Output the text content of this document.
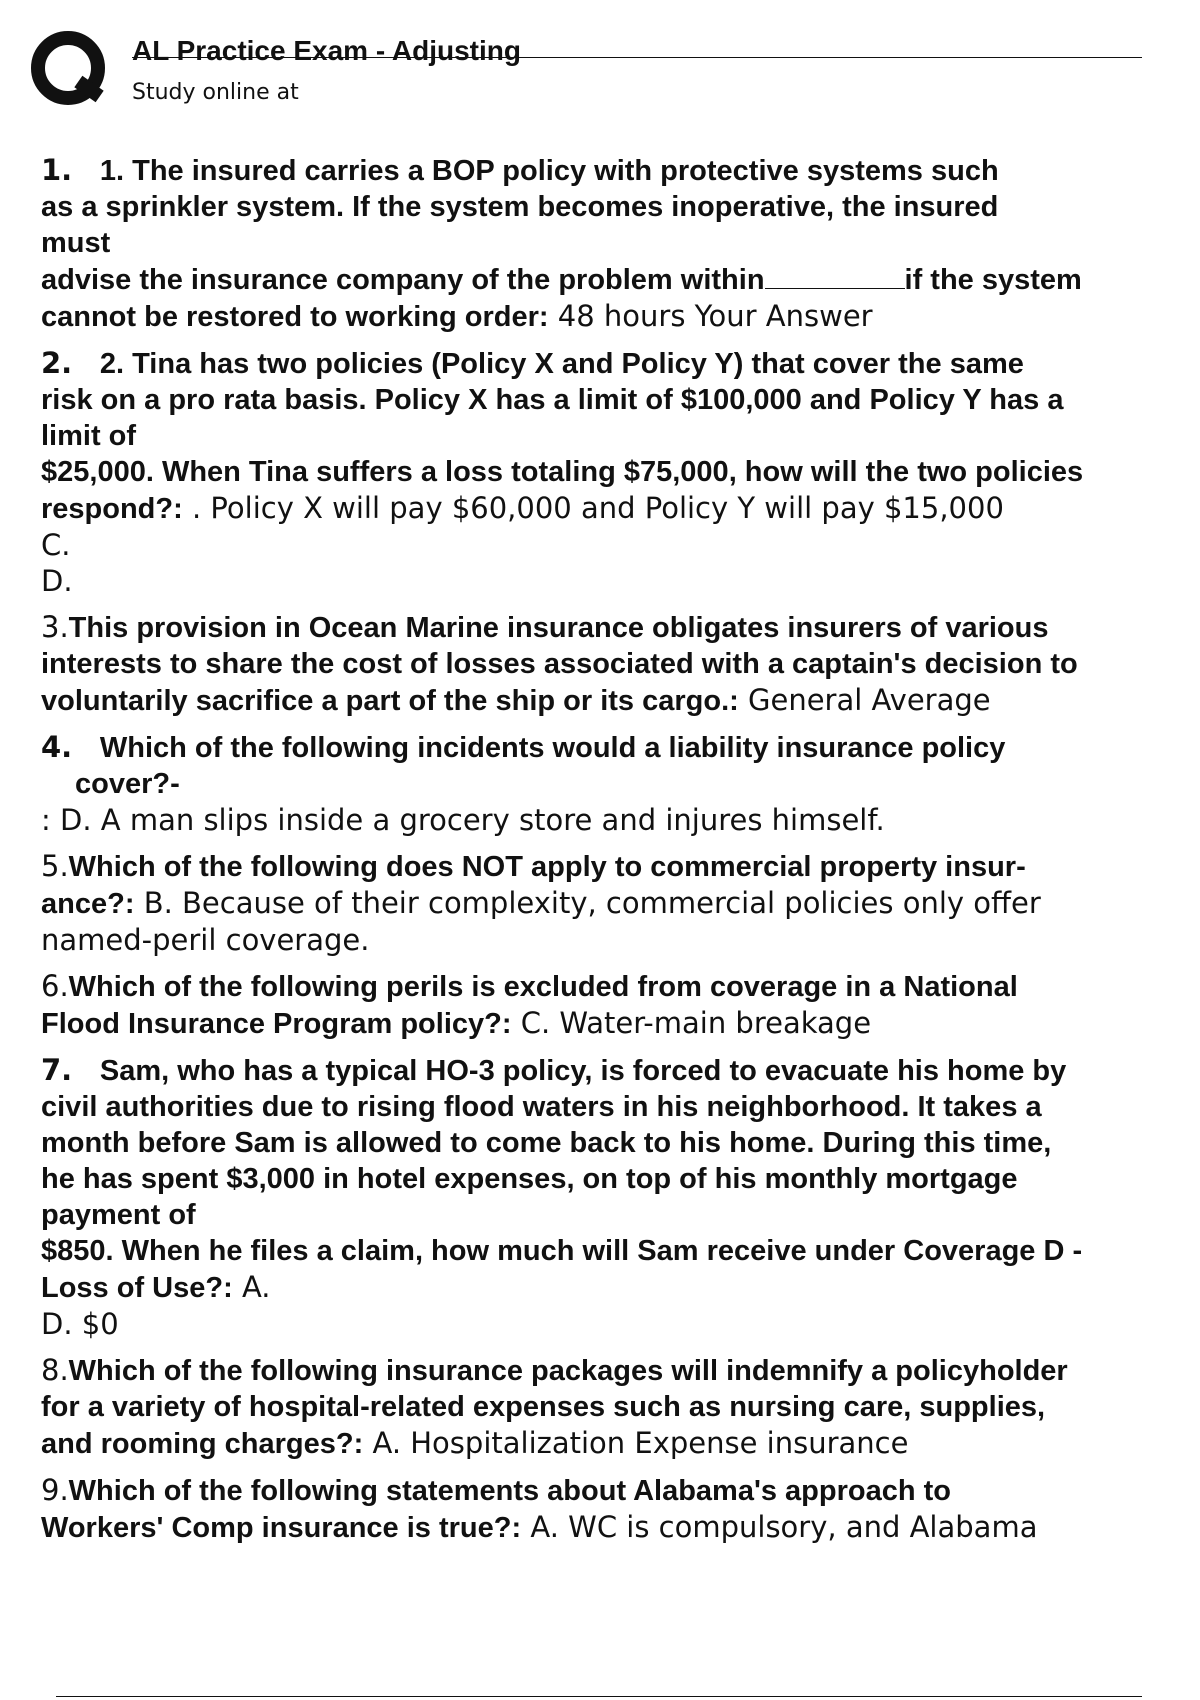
AL Practice Exam - Adjusting
Study online at
1. 1. The insured carries a BOP policy with protective systems such
as a sprinkler system. If the system becomes inoperative, the insured
must
advise the insurance company of the problem within	if the system
cannot be restored to working order: 48 hours Your Answer
2. 2. Tina has two policies (Policy X and Policy Y) that cover the same
risk on a pro rata basis. Policy X has a limit of $100,000 and Policy Y has a
limit of
$25,000. When Tina suffers a loss totaling $75,000, how will the two policies
respond?: . Policy X will pay $60,000 and Policy Y will pay $15,000
C.
D.
3.This provision in Ocean Marine insurance obligates insurers of various
interests to share the cost of losses associated with a captain's decision to
voluntarily sacrifice a part of the ship or its cargo.: General Average
4. Which of the following incidents would a liability insurance policy
cover?-
: D. A man slips inside a grocery store and injures himself.
5.Which of the following does NOT apply to commercial property insur-
ance?: B. Because of their complexity, commercial policies only offer
named-peril coverage.
6.Which of the following perils is excluded from coverage in a National
Flood Insurance Program policy?: C. Water-main breakage
7. Sam, who has a typical HO-3 policy, is forced to evacuate his home by
civil authorities due to rising flood waters in his neighborhood. It takes a
month before Sam is allowed to come back to his home. During this time,
he has spent $3,000 in hotel expenses, on top of his monthly mortgage
payment of
$850. When he files a claim, how much will Sam receive under Coverage D -
Loss of Use?: A.
D. $0
8.Which of the following insurance packages will indemnify a policyholder
for a variety of hospital-related expenses such as nursing care, supplies,
and rooming charges?: A. Hospitalization Expense insurance
9.Which of the following statements about Alabama's approach to
Workers' Comp insurance is true?: A. WC is compulsory, and Alabama
